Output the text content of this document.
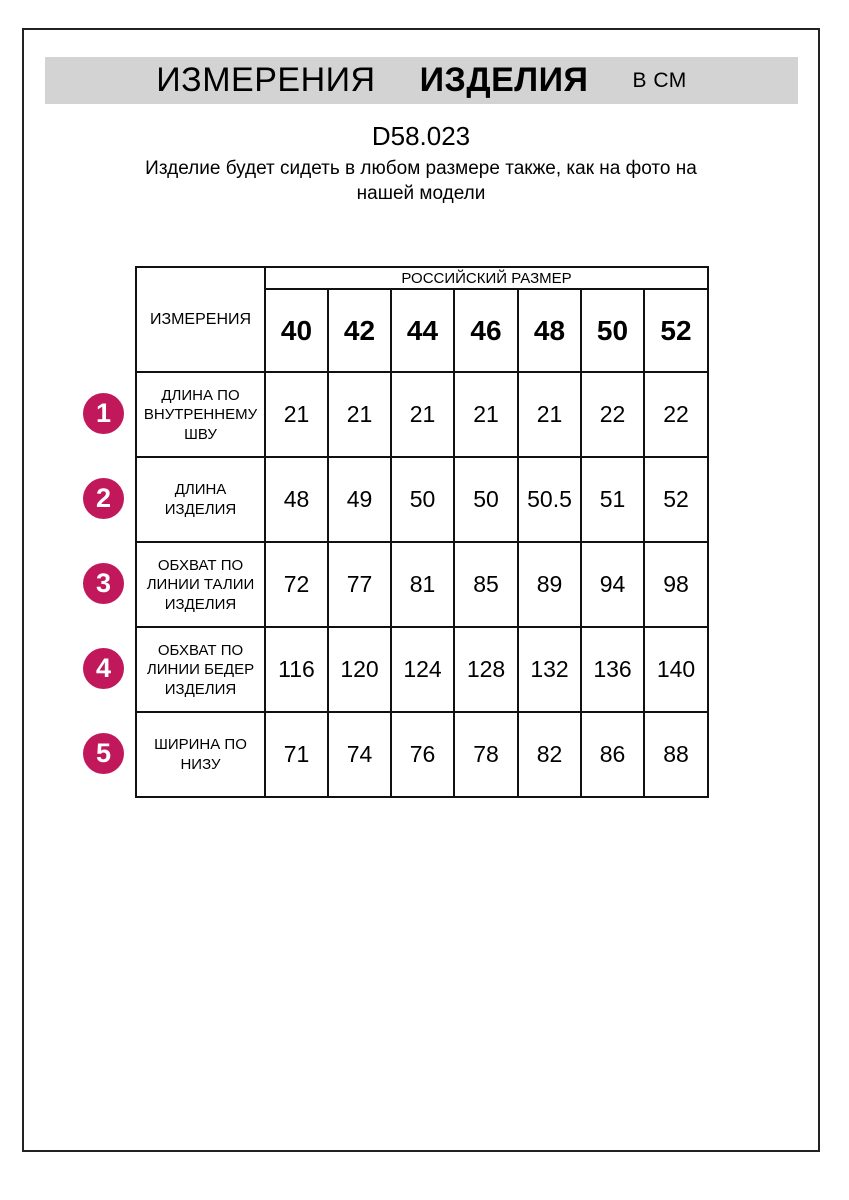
ИЗМЕРЕНИЯ ИЗДЕЛИЯ В СМ
D58.023
Изделие будет сидеть в любом размере также, как на фото на нашей модели
1
2
3
4
5
ИЗМЕРЕНИЯ	РОССИЙСКИЙ РАЗМЕР						
	40	42	44	46	48	50	52
ДЛИНА ПО ВНУТРЕННЕМУ ШВУ	21	21	21	21	21	22	22
ДЛИНА ИЗДЕЛИЯ	48	49	50	50	50.5	51	52
ОБХВАТ ПО ЛИНИИ ТАЛИИ ИЗДЕЛИЯ	72	77	81	85	89	94	98
ОБХВАТ ПО ЛИНИИ БЕДЕР ИЗДЕЛИЯ	116	120	124	128	132	136	140
ШИРИНА ПО НИЗУ	71	74	76	78	82	86	88
